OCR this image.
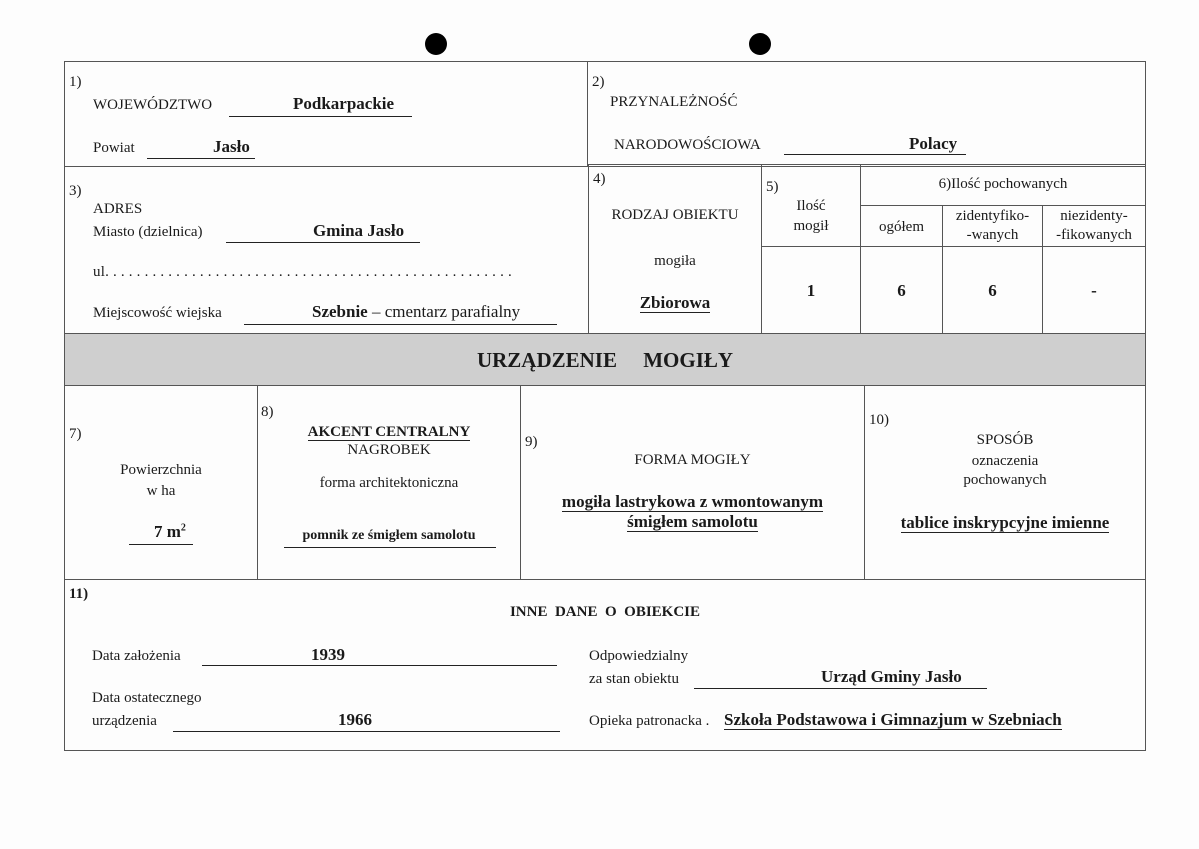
1)
WOJEWÓDZTWO	Podkarpackie
Powiat	Jasło
2)
PRZYNALEŻNOŚĆ
NARODOWOŚCIOWA	Polacy
3)
ADRES
Miasto (dzielnica)	Gmina Jasło
ul. . . . . . . . . . . . . . . . . . . . . . . . . . . . . . . . . . . . . . . . . . . . . . . . . . . .
Miejscowość wiejska	Szebnie – cmentarz parafialny
4)
RODZAJ OBIEKTU
mogiła
Zbiorowa
5)
Ilość
mogił
1
6)Ilość pochowanych
ogółem
zidentyfiko-
-wanych
niezidenty-
-fikowanych
6	6	-
URZĄDZENIE     MOGIŁY
7)
Powierzchnia
w ha
7 $m^2$
8)
AKCENT CENTRALNY
NAGROBEK
forma architektoniczna
pomnik ze śmigłem samolotu
9)
FORMA MOGIŁY
mogiła lastrykowa z wmontowanym
śmigłem samolotu
10)
SPOSÓB
oznaczenia
pochowanych
tablice inskrypcyjne imienne
11)
INNE  DANE  O  OBIEKCIE
Data założenia	1939
Data ostatecznego
urządzenia	1966
Odpowiedzialny
za stan obiektu	Urząd Gminy Jasło
Opieka patronacka . Szkoła Podstawowa i Gimnazjum w Szebniach
